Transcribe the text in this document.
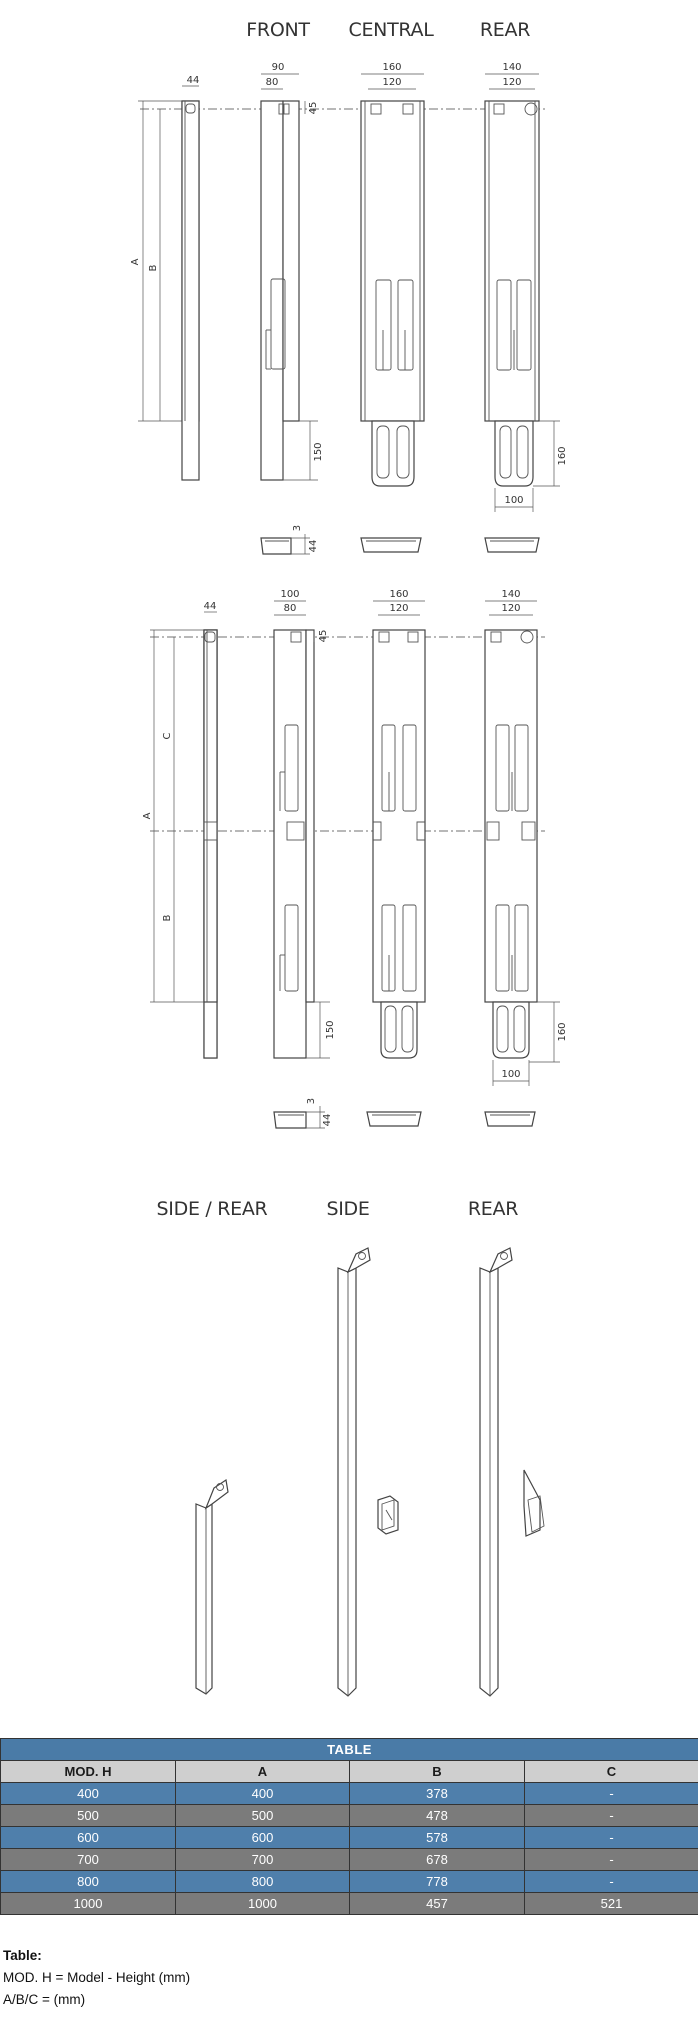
FRONT CENTRAL REAR
44
A
B
90
80
45
150
160
120
140
120
160
100
3
44
44
A
C
B
100
80
45
150
160
120
140
120
160
100
3
44
SIDE / REAR	SIDE	REAR
TABLE			
MOD. H	A	B	C
400	400	378	-
500	500	478	-
600	600	578	-
700	700	678	-
800	800	778	-
1000	1000	457	521
Table:
MOD. H = Model - Height (mm)
A/B/C = (mm)
